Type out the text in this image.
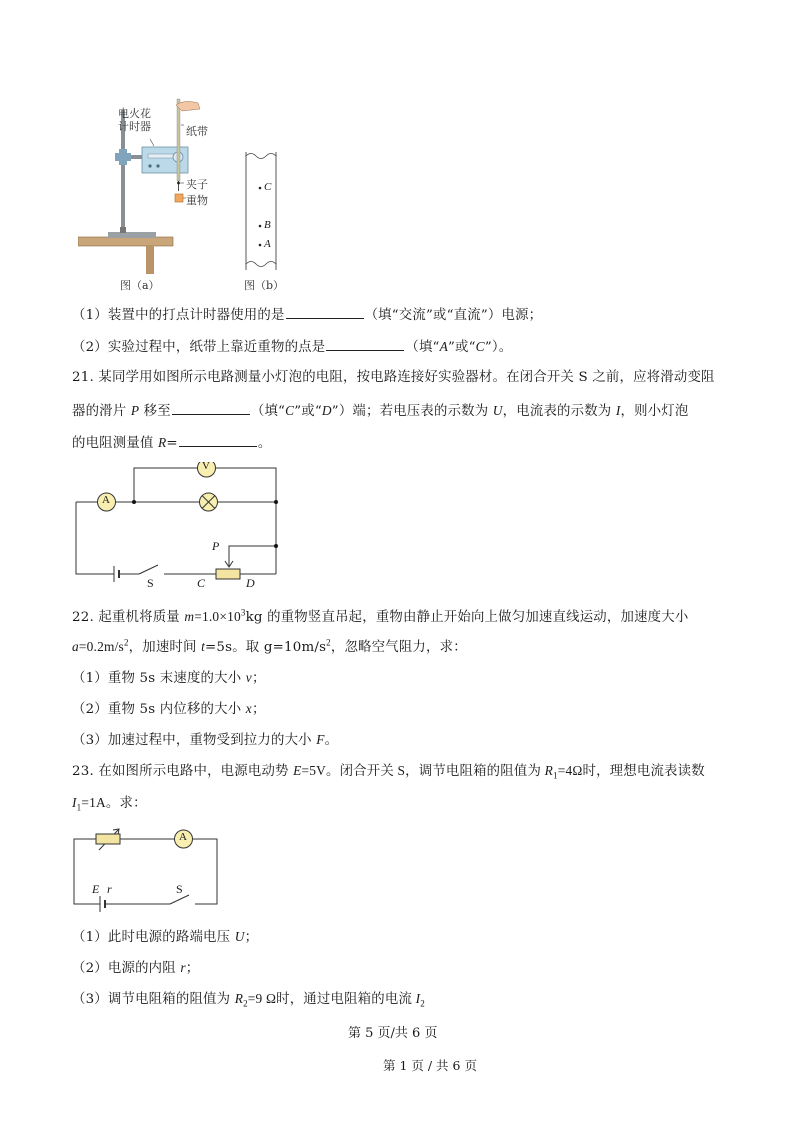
电火花
计时器	纸带
夹子
重物
图（a）
C
B
A
图（b）
（1）装置中的打点计时器使用的是	（填“交流”或“直流”）电源；
（2）实验过程中，纸带上靠近重物的点是	（填“A”或“C”）。
21. 某同学用如图所示电路测量小灯泡的电阻，按电路连接好实验器材。在闭合开关 S 之前，应将滑动变阻
器的滑片 P 移至	（填“C”或“D”）端；若电压表的示数为 U，电流表的示数为 I，则小灯泡
的电阻测量值 R=	。
A
V
S
P
C	D
22. 起重机将质量 $m=1.0\times 10^3kg$ 的重物竖直吊起，重物由静止开始向上做匀加速直线运动，加速度大小
$a=0.2m/s^2$，加速时间 t=5s。取 $g=10m/s^2$，忽略空气阻力，求：
（1）重物 5s 末速度的大小 v；
（2）重物 5s 内位移的大小 x；
（3）加速过程中，重物受到拉力的大小 F。
23. 在如图所示电路中，电源电动势 E=5V。闭合开关 S，调节电阻箱的阻值为 $R_1=4\Omega$时，理想电流表读数
$I_1=1A$。求：
A
E r	S
（1）此时电源的路端电压 U；
（2）电源的内阻 r；
（3）调节电阻箱的阻值为 $R_2=9$ Ω时，通过电阻箱的电流 $I_2$
第 5 页/共 6 页
第 1 页 / 共 6 页
